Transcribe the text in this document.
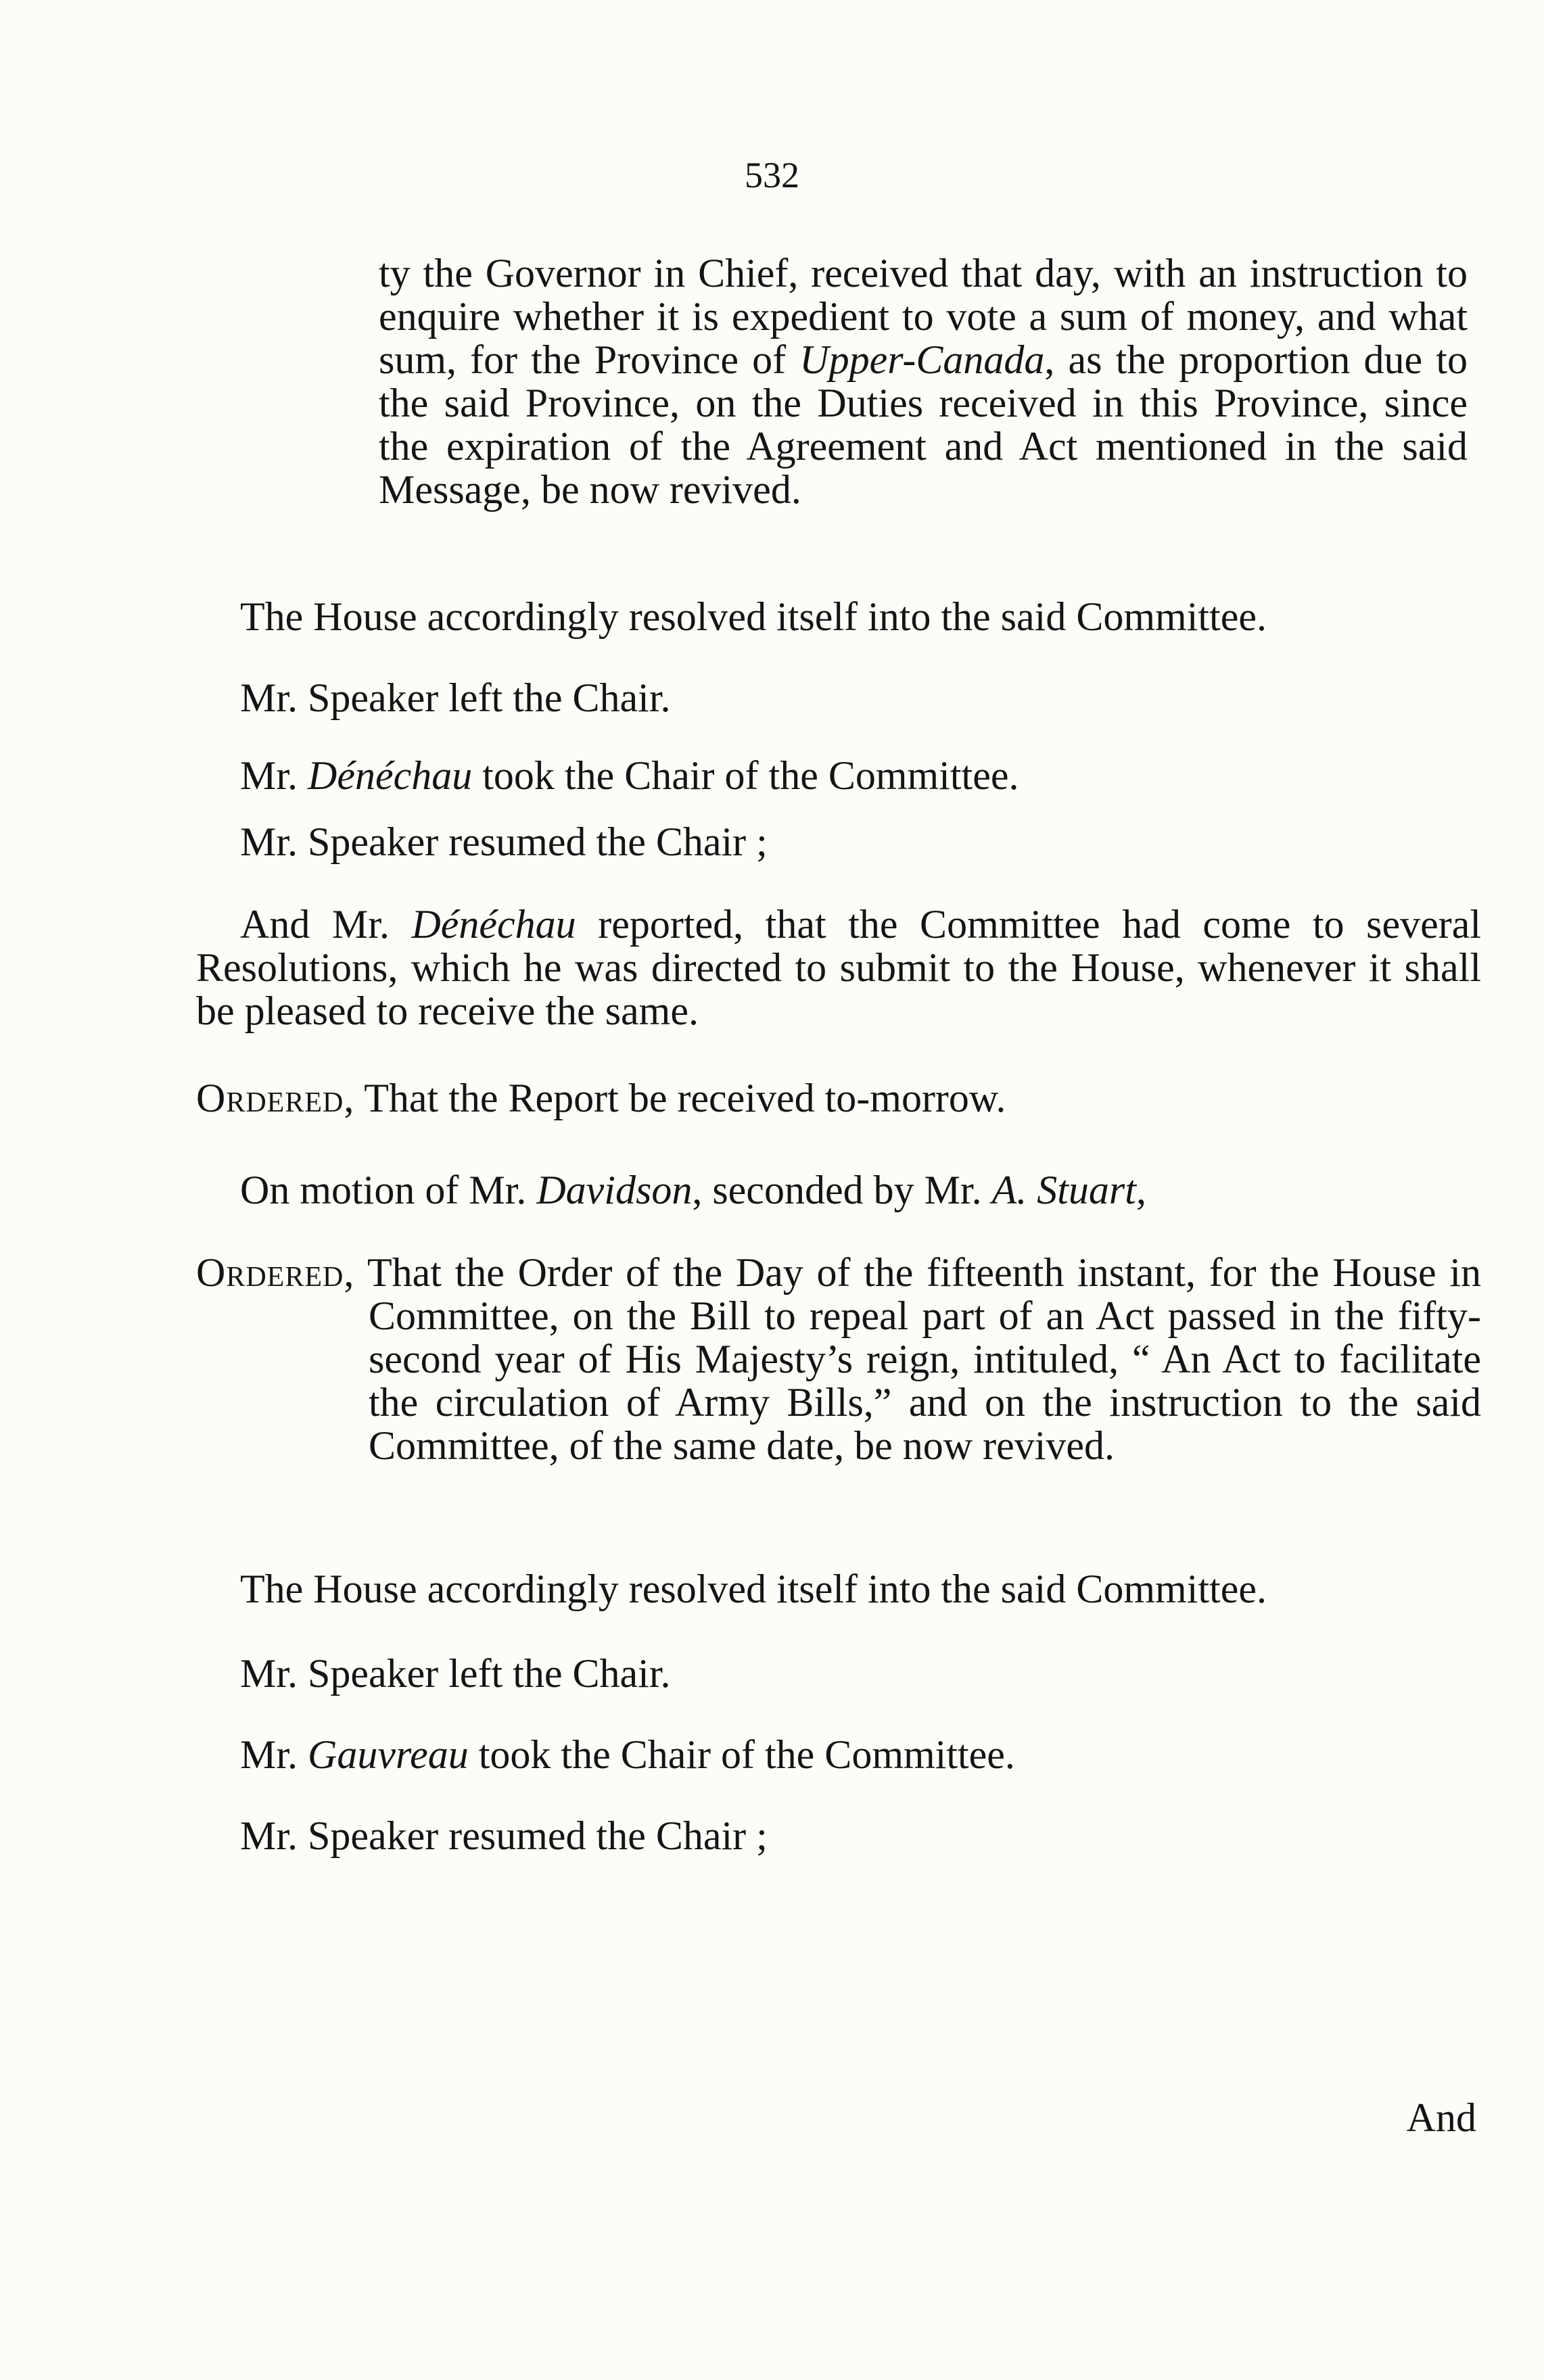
532
ty the Governor in Chief, received that day, with an instruction to enquire whether it is expedient to vote a sum of money, and what sum, for the Province of Upper-Canada, as the proportion due to the said Province, on the Duties received in this Province, since the expiration of the Agreement and Act mentioned in the said Message, be now revived.
The House accordingly resolved itself into the said Committee.
Mr. Speaker left the Chair.
Mr. Dénéchau took the Chair of the Committee.
Mr. Speaker resumed the Chair ;
And Mr. Dénéchau reported, that the Committee had come to several Resolutions, which he was directed to submit to the House, whenever it shall be pleased to receive the same.
Ordered, That the Report be received to-morrow.
On motion of Mr. Davidson, seconded by Mr. A. Stuart,
Ordered, That the Order of the Day of the fifteenth instant, for the House in Committee, on the Bill to repeal part of an Act passed in the fifty-second year of His Majesty’s reign, intituled, “ An Act to facilitate the circulation of Army Bills,” and on the instruction to the said Committee, of the same date, be now revived.
The House accordingly resolved itself into the said Committee.
Mr. Speaker left the Chair.
Mr. Gauvreau took the Chair of the Committee.
Mr. Speaker resumed the Chair ;
And
